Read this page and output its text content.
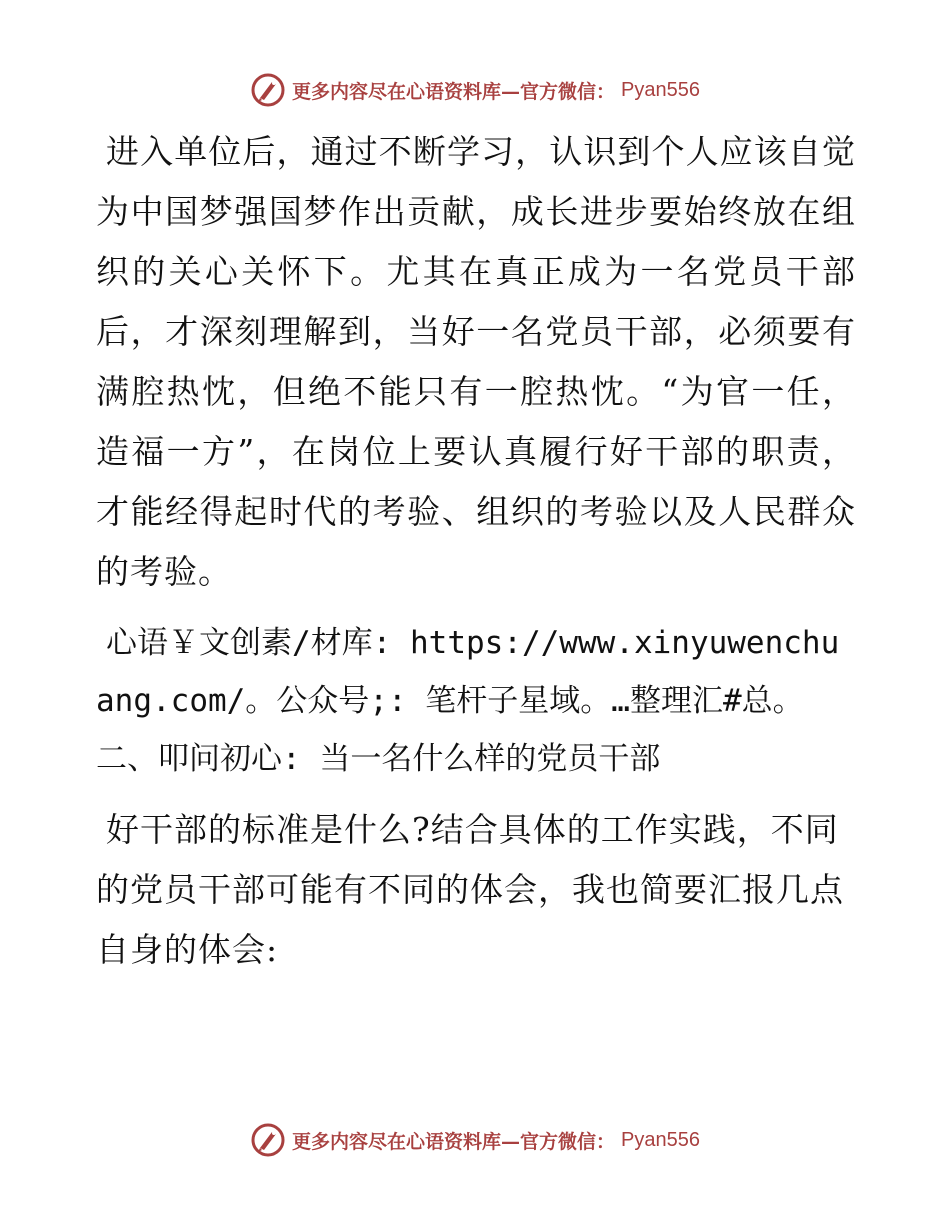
更多内容尽在心语资料库—官方微信： Pyan556

进入单位后，通过不断学习，认识到个人应该自觉为中国梦强国梦作出贡献，成长进步要始终放在组织的关心关怀下。尤其在真正成为一名党员干部后，才深刻理解到，当好一名党员干部，必须要有满腔热忱，但绝不能只有一腔热忱。“为官一任，造福一方”，在岗位上要认真履行好干部的职责，才能经得起时代的考验、组织的考验以及人民群众的考验。

心语￥文创素/材库: https://www.xinyuwenchuang.com/。公众号;: 笔杆子星域。…整理汇#总。二、叩问初心: 当一名什么样的党员干部

好干部的标准是什么?结合具体的工作实践，不同的党员干部可能有不同的体会，我也简要汇报几点自身的体会:

更多内容尽在心语资料库—官方微信： Pyan556
